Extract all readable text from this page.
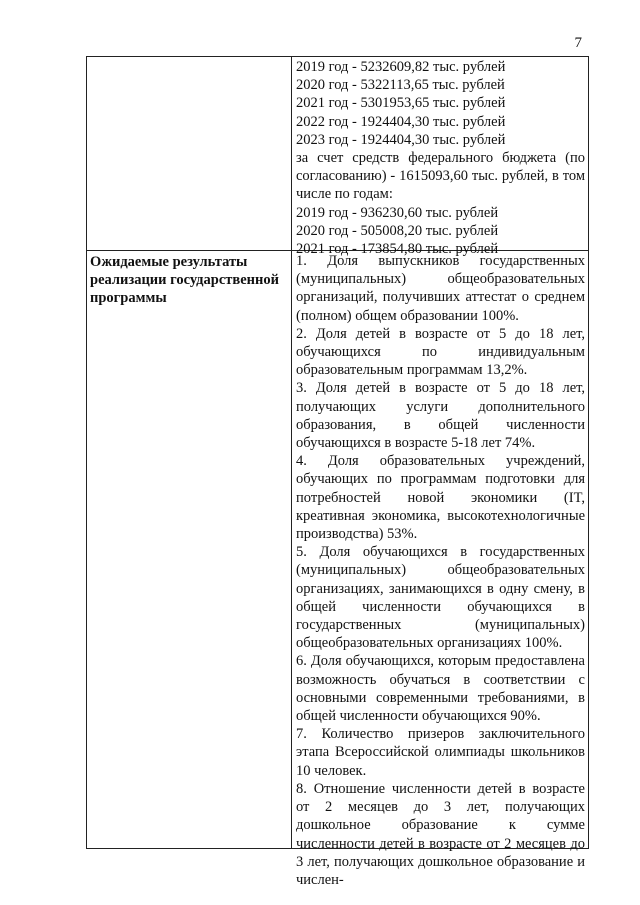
7
2019 год - 5232609,82 тыс. рублей
2020 год - 5322113,65 тыс. рублей
2021 год - 5301953,65 тыс. рублей
2022 год - 1924404,30 тыс. рублей
2023 год - 1924404,30 тыс. рублей
за счет средств федерального бюджета (по согласованию) - 1615093,60 тыс. рублей, в том числе по годам:
2019 год - 936230,60 тыс. рублей
2020 год - 505008,20 тыс. рублей
2021 год - 173854,80 тыс. рублей
Ожидаемые результаты реализации государственной программы
1. Доля выпускников государственных (муниципальных) общеобразовательных организаций, получивших аттестат о среднем (полном) общем образовании 100%.
2. Доля детей в возрасте от 5 до 18 лет, обучающихся по индивидуальным образовательным программам 13,2%.
3. Доля детей в возрасте от 5 до 18 лет, получающих услуги дополнительного образования, в общей численности обучающихся в возрасте 5-18 лет 74%.
4. Доля образовательных учреждений, обучающих по программам подготовки для потребностей новой экономики (IT, креативная экономика, высокотехнологичные производства) 53%.
5. Доля обучающихся в государственных (муниципальных) общеобразовательных организациях, занимающихся в одну смену, в общей численности обучающихся в государственных (муниципальных) общеобразовательных организациях 100%.
6. Доля обучающихся, которым предоставлена возможность обучаться в соответствии с основными современными требованиями, в общей численности обучающихся 90%.
7. Количество призеров заключительного этапа Всероссийской олимпиады школьников 10 человек.
8. Отношение численности детей в возрасте от 2 месяцев до 3 лет, получающих дошкольное образование к сумме численности детей в возрасте от 2 месяцев до 3 лет, получающих дошкольное образование и числен-
